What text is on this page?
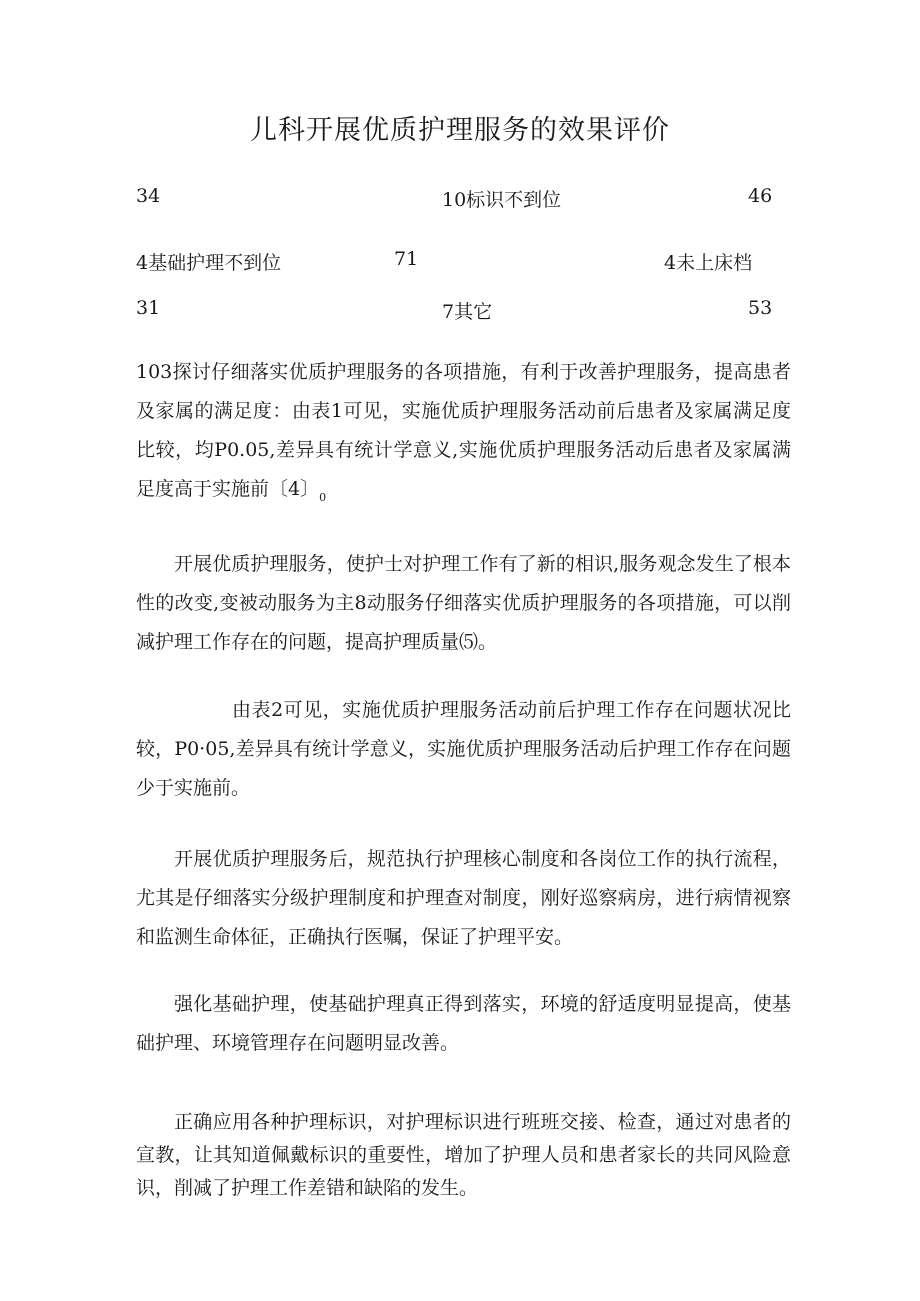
儿科开展优质护理服务的效果评价
34	10标识不到位	46
4基础护理不到位	71	4未上床档
31	7其它	53
103探讨仔细落实优质护理服务的各项措施，有利于改善护理服务，提高患者及家属的满足度：由表1可见，实施优质护理服务活动前后患者及家属满足度比较，均P0.05,差异具有统计学意义,实施优质护理服务活动后患者及家属满足度高于实施前〔4〕$_0$
开展优质护理服务，使护士对护理工作有了新的相识,服务观念发生了根本性的改变,变被动服务为主8动服务仔细落实优质护理服务的各项措施，可以削减护理工作存在的问题，提高护理质量⑸。
由表2可见，实施优质护理服务活动前后护理工作存在问题状况比较，P0·05,差异具有统计学意义，实施优质护理服务活动后护理工作存在问题少于实施前。
开展优质护理服务后，规范执行护理核心制度和各岗位工作的执行流程，尤其是仔细落实分级护理制度和护理查对制度，刚好巡察病房，进行病情视察和监测生命体征，正确执行医嘱，保证了护理平安。
强化基础护理，使基础护理真正得到落实，环境的舒适度明显提高，使基础护理、环境管理存在问题明显改善。
正确应用各种护理标识，对护理标识进行班班交接、检查，通过对患者的宣教，让其知道佩戴标识的重要性，增加了护理人员和患者家长的共同风险意识，削减了护理工作差错和缺陷的发生。
